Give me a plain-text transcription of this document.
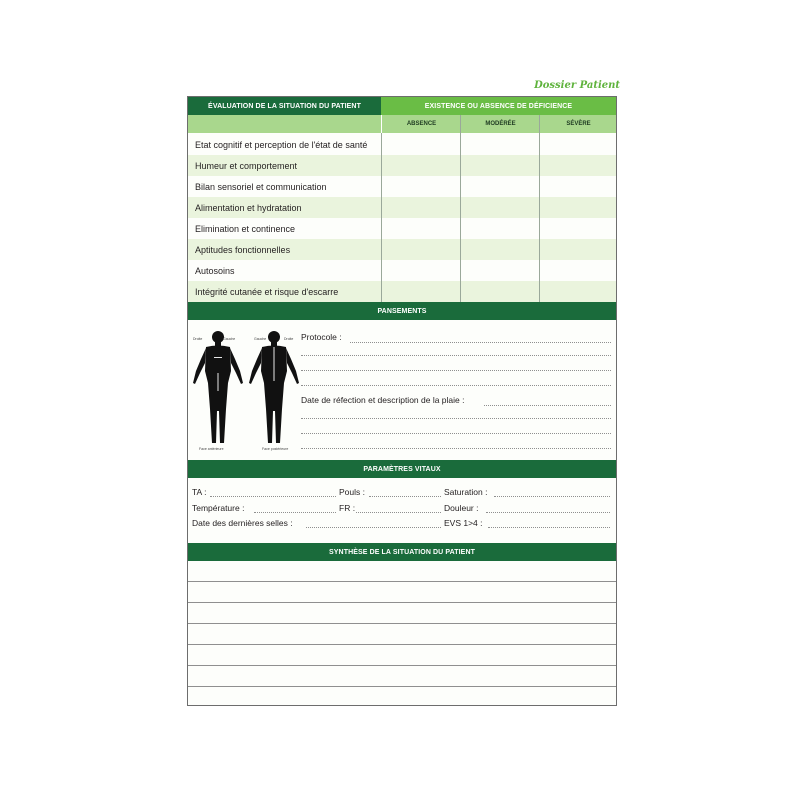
Dossier Patient
ÉVALUATION DE LA SITUATION DU PATIENT	EXISTENCE OU ABSENCE DE DÉFICIENCE
ABSENCE	MODÉRÉE	SÉVÈRE
Etat cognitif et perception de l'état de santé
Humeur et comportement
Bilan sensoriel et communication
Alimentation et hydratation
Elimination et continence
Aptitudes fonctionnelles
Autosoins
Intégrité cutanée et risque d'escarre
PANSEMENTS
Droite	Gauche	Gauche	Droite
Face antérieure	Face postérieure
Protocole :
Date de réfection et description de la plaie :
PARAMÈTRES VITAUX
TA :	Pouls :	Saturation :
Température :	FR :	Douleur :
Date des dernières selles :	EVS 1>4 :
SYNTHÈSE DE LA SITUATION DU PATIENT
